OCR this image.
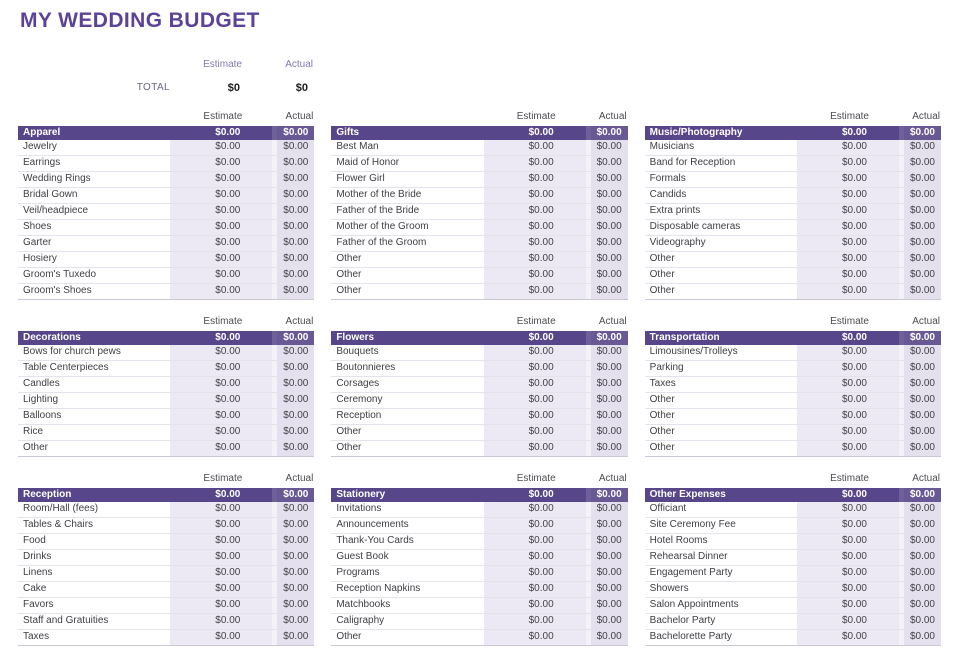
MY WEDDING BUDGET
Estimate	Actual
TOTAL	$0	$0
Estimate	Actual
Apparel	$0.00	$0.00
Jewelry	$0.00	$0.00
Earrings	$0.00	$0.00
Wedding Rings	$0.00	$0.00
Bridal Gown	$0.00	$0.00
Veil/headpiece	$0.00	$0.00
Shoes	$0.00	$0.00
Garter	$0.00	$0.00
Hosiery	$0.00	$0.00
Groom's Tuxedo	$0.00	$0.00
Groom's Shoes	$0.00	$0.00
Estimate	Actual
Gifts	$0.00	$0.00
Best Man	$0.00	$0.00
Maid of Honor	$0.00	$0.00
Flower Girl	$0.00	$0.00
Mother of the Bride	$0.00	$0.00
Father of the Bride	$0.00	$0.00
Mother of the Groom	$0.00	$0.00
Father of the Groom	$0.00	$0.00
Other	$0.00	$0.00
Other	$0.00	$0.00
Other	$0.00	$0.00
Estimate	Actual
Music/Photography	$0.00	$0.00
Musicians	$0.00	$0.00
Band for Reception	$0.00	$0.00
Formals	$0.00	$0.00
Candids	$0.00	$0.00
Extra prints	$0.00	$0.00
Disposable cameras	$0.00	$0.00
Videography	$0.00	$0.00
Other	$0.00	$0.00
Other	$0.00	$0.00
Other	$0.00	$0.00
Estimate	Actual
Decorations	$0.00	$0.00
Bows for church pews	$0.00	$0.00
Table Centerpieces	$0.00	$0.00
Candles	$0.00	$0.00
Lighting	$0.00	$0.00
Balloons	$0.00	$0.00
Rice	$0.00	$0.00
Other	$0.00	$0.00
Estimate	Actual
Flowers	$0.00	$0.00
Bouquets	$0.00	$0.00
Boutonnieres	$0.00	$0.00
Corsages	$0.00	$0.00
Ceremony	$0.00	$0.00
Reception	$0.00	$0.00
Other	$0.00	$0.00
Other	$0.00	$0.00
Estimate	Actual
Transportation	$0.00	$0.00
Limousines/Trolleys	$0.00	$0.00
Parking	$0.00	$0.00
Taxes	$0.00	$0.00
Other	$0.00	$0.00
Other	$0.00	$0.00
Other	$0.00	$0.00
Other	$0.00	$0.00
Estimate	Actual
Reception	$0.00	$0.00
Room/Hall (fees)	$0.00	$0.00
Tables & Chairs	$0.00	$0.00
Food	$0.00	$0.00
Drinks	$0.00	$0.00
Linens	$0.00	$0.00
Cake	$0.00	$0.00
Favors	$0.00	$0.00
Staff and Gratuities	$0.00	$0.00
Taxes	$0.00	$0.00
Estimate	Actual
Stationery	$0.00	$0.00
Invitations	$0.00	$0.00
Announcements	$0.00	$0.00
Thank-You Cards	$0.00	$0.00
Guest Book	$0.00	$0.00
Programs	$0.00	$0.00
Reception Napkins	$0.00	$0.00
Matchbooks	$0.00	$0.00
Caligraphy	$0.00	$0.00
Other	$0.00	$0.00
Estimate	Actual
Other Expenses	$0.00	$0.00
Officiant	$0.00	$0.00
Site Ceremony Fee	$0.00	$0.00
Hotel Rooms	$0.00	$0.00
Rehearsal Dinner	$0.00	$0.00
Engagement Party	$0.00	$0.00
Showers	$0.00	$0.00
Salon Appointments	$0.00	$0.00
Bachelor Party	$0.00	$0.00
Bachelorette Party	$0.00	$0.00
